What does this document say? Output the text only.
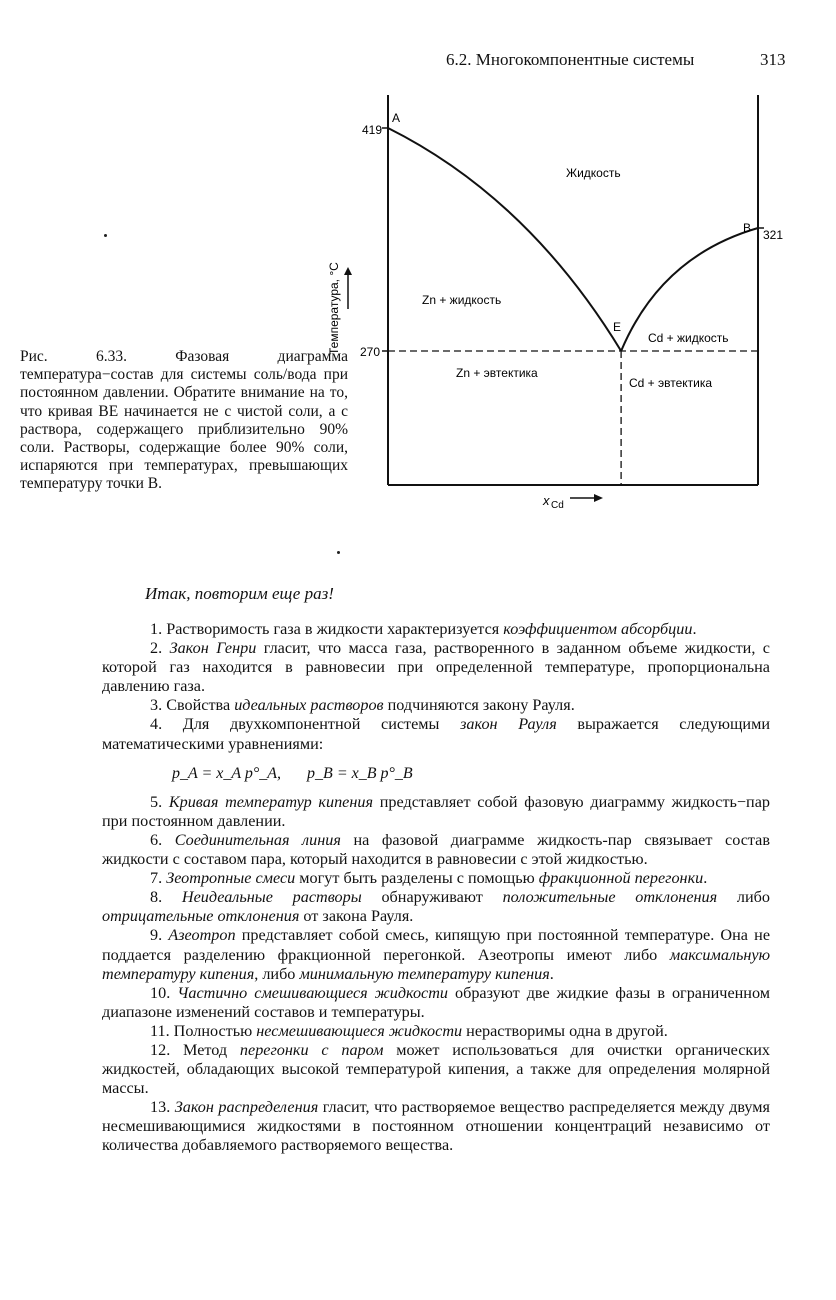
6.2. Многокомпонентные системы	313
419
321
270
A
B
E
Жидкость
Zn + жидкость
Cd + жидкость
Zn + эвтектика
Cd + эвтектика
Температура, °C
x Cd
Рис. 6.33. Фазовая диаграмма температура−состав для системы соль/вода при постоянном давлении. Обратите внимание на то, что кривая BE начинается не с чистой соли, а с раствора, содержащего приблизительно 90% соли. Растворы, содержащие более 90% соли, испаряются при температурах, превышающих температуру точки B.
Итак, повторим еще раз!

1. Растворимость газа в жидкости характеризуется коэффициентом абсорбции.

2. Закон Генри гласит, что масса газа, растворенного в заданном объеме жидкости, с которой газ находится в равновесии при определенной температуре, пропорциональна давлению газа.

3. Свойства идеальных растворов подчиняются закону Рауля.

4. Для двухкомпонентной системы закон Рауля выражается следующими математическими уравнениями:

p_A = x_A p°_A, p_B = x_B p°_B

5. Кривая температур кипения представляет собой фазовую диаграмму жидкость−пар при постоянном давлении.

6. Соединительная линия на фазовой диаграмме жидкость-пар связывает состав жидкости с составом пара, который находится в равновесии с этой жидкостью.

7. Зеотропные смеси могут быть разделены с помощью фракционной перегонки.

8. Неидеальные растворы обнаруживают положительные отклонения либо отрицательные отклонения от закона Рауля.

9. Азеотроп представляет собой смесь, кипящую при постоянной температуре. Она не поддается разделению фракционной перегонкой. Азеотропы имеют либо максимальную температуру кипения, либо минимальную температуру кипения.

10. Частично смешивающиеся жидкости образуют две жидкие фазы в ограниченном диапазоне изменений составов и температуры.

11. Полностью несмешивающиеся жидкости нерастворимы одна в другой.

12. Метод перегонки с паром может использоваться для очистки органических жидкостей, обладающих высокой температурой кипения, а также для определения молярной массы.

13. Закон распределения гласит, что растворяемое вещество распределяется между двумя несмешивающимися жидкостями в постоянном отношении концентраций независимо от количества добавляемого растворяемого вещества.
